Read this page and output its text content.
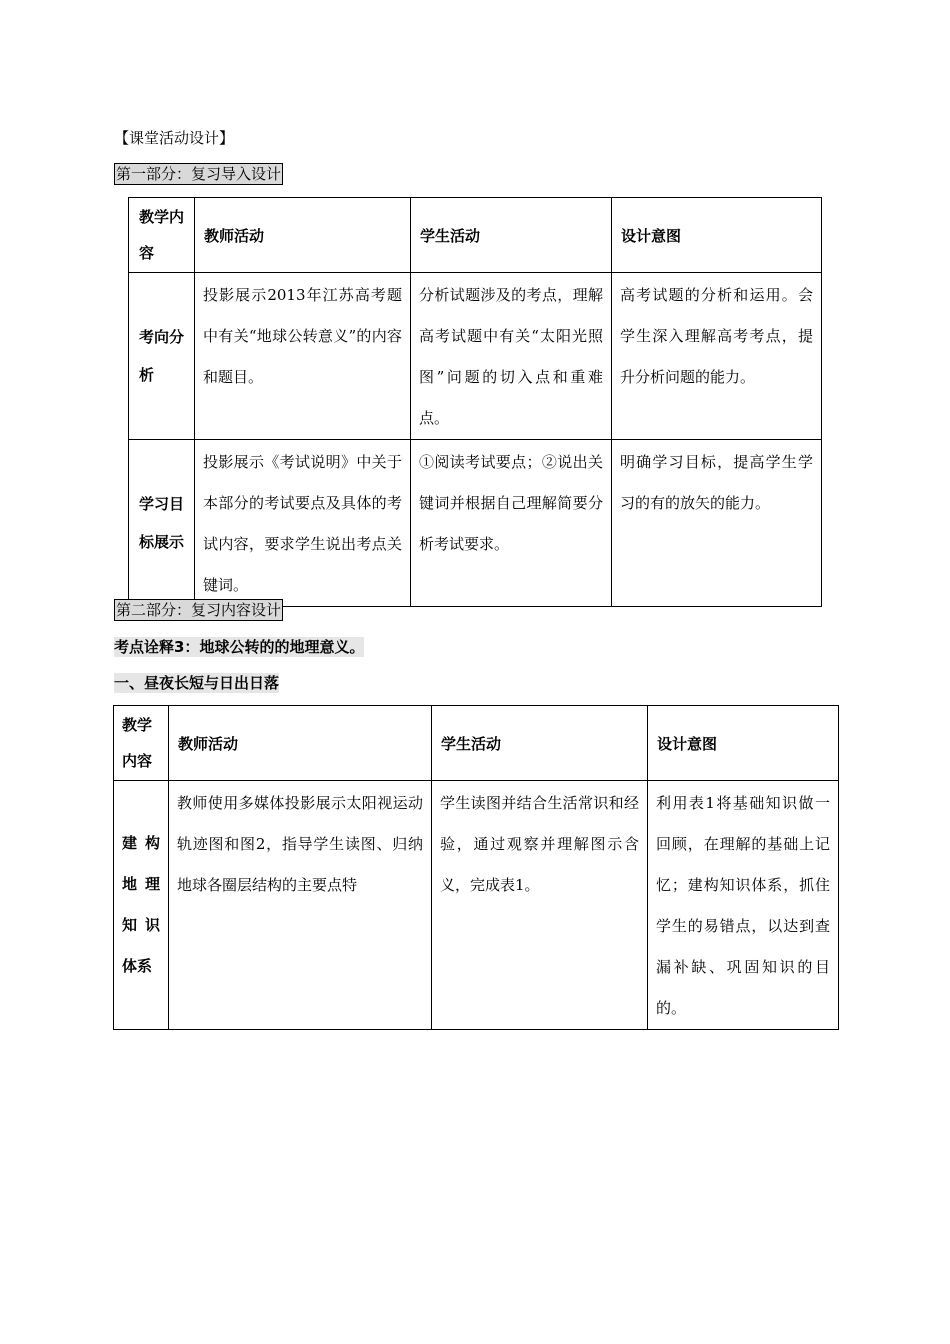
【课堂活动设计】
第一部分：复习导入设计
教学内容	教师活动	学生活动	设计意图
考向分析	投影展示2013年江苏高考题中有关“地球公转意义”的内容和题目。	分析试题涉及的考点，理解高考试题中有关“太阳光照图”问题的切入点和重难点。	高考试题的分析和运用。会学生深入理解高考考点，提升分析问题的能力。
学习目标展示	投影展示《考试说明》中关于本部分的考试要点及具体的考试内容，要求学生说出考点关键词。	①阅读考试要点；②说出关键词并根据自己理解简要分析考试要求。	明确学习目标，提高学生学习的有的放矢的能力。
第二部分：复习内容设计
考点诠释3：地球公转的的地理意义。
一、昼夜长短与日出日落
教学内容	教师活动	学生活动	设计意图
建构地理知识体系	教师使用多媒体投影展示太阳视运动轨迹图和图2，指导学生读图、归纳地球各圈层结构的主要点特	学生读图并结合生活常识和经验，通过观察并理解图示含义，完成表1。	利用表1将基础知识做一回顾，在理解的基础上记忆；建构知识体系，抓住学生的易错点，以达到查漏补缺、巩固知识的目的。
